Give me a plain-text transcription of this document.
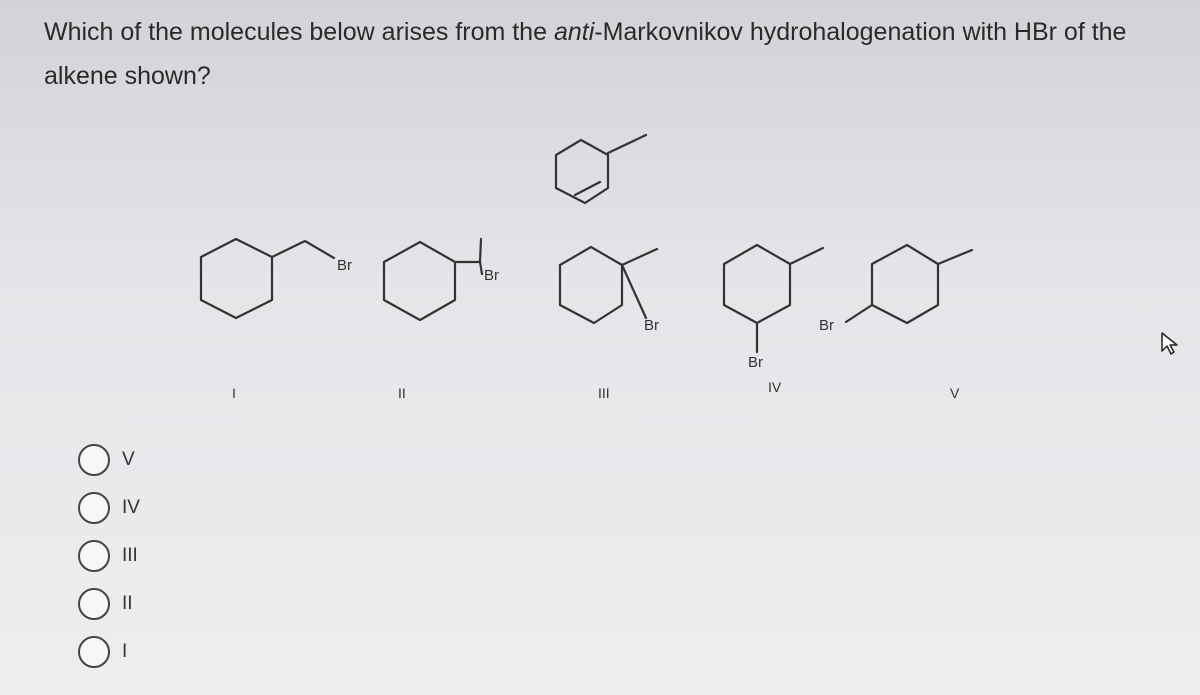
Which of the molecules below arises from the anti-Markovnikov hydrohalogenation with HBr of the alkene shown?
Br
I
Br
II
Br
III
Br
IV
Br
V
V
IV
III
II
I
